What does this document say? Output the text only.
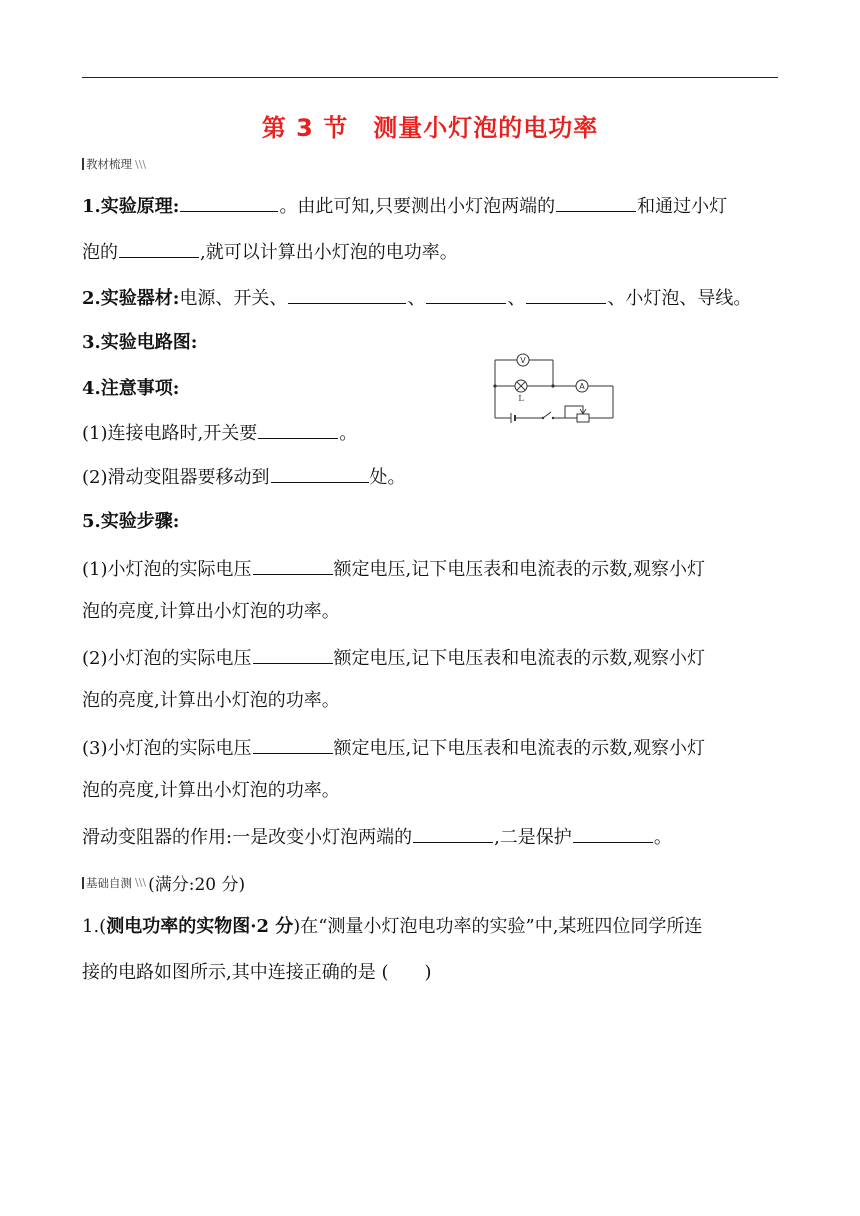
第 3 节　测量小灯泡的电功率
教材梳理 \\\
1.实验原理:	。由此可知,只要测出小灯泡两端的	和通过小灯
泡的	,就可以计算出小灯泡的电功率。
2.实验器材:电源、开关、	、	、	、小灯泡、导线。
3.实验电路图:
V
L
A
4.注意事项:
(1)连接电路时,开关要	。
(2)滑动变阻器要移动到	处。
5.实验步骤:
(1)小灯泡的实际电压	额定电压,记下电压表和电流表的示数,观察小灯
泡的亮度,计算出小灯泡的功率。
(2)小灯泡的实际电压	额定电压,记下电压表和电流表的示数,观察小灯
泡的亮度,计算出小灯泡的功率。
(3)小灯泡的实际电压	额定电压,记下电压表和电流表的示数,观察小灯
泡的亮度,计算出小灯泡的功率。
滑动变阻器的作用:一是改变小灯泡两端的	,二是保护	。
基础自测 \\\ (满分:20 分)
1.(测电功率的实物图·2 分)在“测量小灯泡电功率的实验”中,某班四位同学所连
接的电路如图所示,其中连接正确的是 (　　)
